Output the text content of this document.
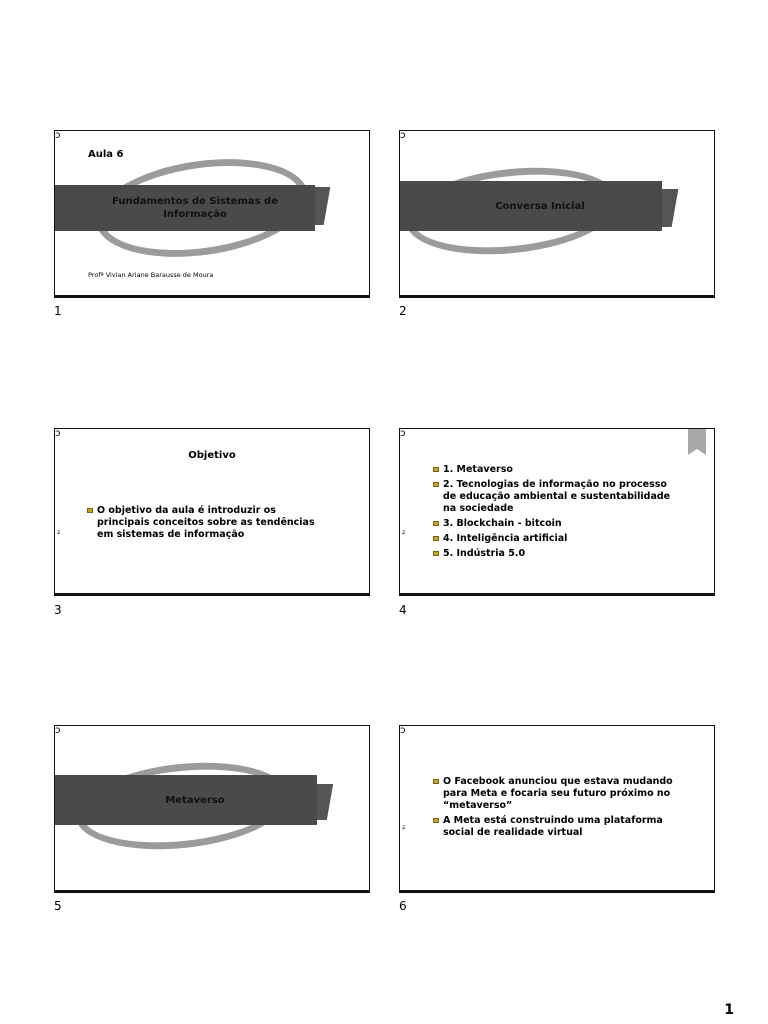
ɔ
Aula 6
Fundamentos de Sistemas de Informação
▸
◂
ʑ
Profª Vivian Ariane Barausse de Moura
1
ɔ
Conversa Inicial
▸
◂
ʑ
2
ɔ
Objetivo
O objetivo da aula é introduzir os principais conceitos sobre as tendências em sistemas de informação
ʑ
3
ɔ
1. Metaverso
2. Tecnologias de informação no processo de educação ambiental e sustentabilidade na sociedade
3. Blockchain - bitcoin
4. Inteligência artificial
5. Indústria 5.0
ʑ
4
ɔ
Metaverso
▸
◂
ʑ
5
ɔ
O Facebook anunciou que estava mudando para Meta e focaria seu futuro próximo no “metaverso”
A Meta está construindo uma plataforma social de realidade virtual
ʑ
6
1
